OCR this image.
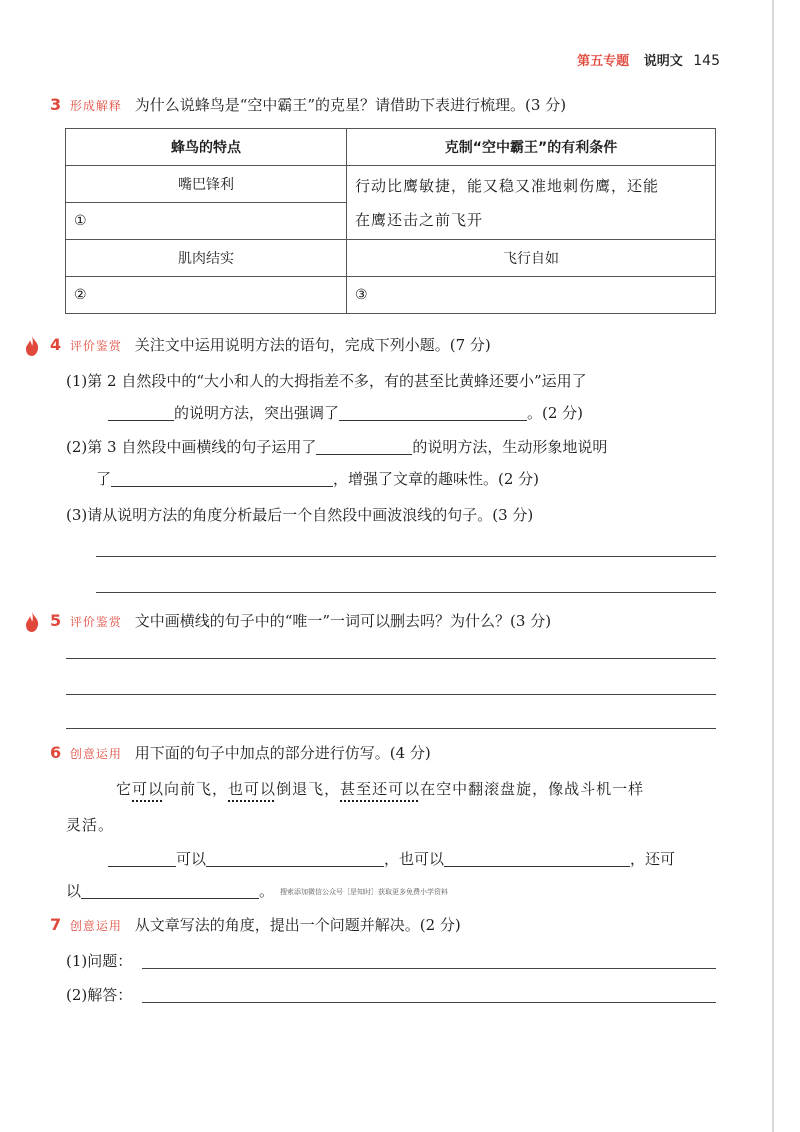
第五专题 说明文 145
3 形成解释 为什么说蜂鸟是“空中霸王”的克星？请借助下表进行梳理。(3 分)
蜂鸟的特点	克制“空中霸王”的有利条件
嘴巴锋利	行动比鹰敏捷，能又稳又准地刺伤鹰，还能
在鹰还击之前飞开

①	
肌肉结实	飞行自如
②	③
4 评价鉴赏 关注文中运用说明方法的语句，完成下列小题。(7 分)
(1)第 2 自然段中的“大小和人的大拇指差不多，有的甚至比黄蜂还要小”运用了
的说明方法，突出强调了	。(2 分)
(2)第 3 自然段中画横线的句子运用了	的说明方法，生动形象地说明
了	，增强了文章的趣味性。(2 分)
(3)请从说明方法的角度分析最后一个自然段中画波浪线的句子。(3 分)
5 评价鉴赏 文中画横线的句子中的“唯一”一词可以删去吗？为什么？(3 分)
6 创意运用 用下面的句子中加点的部分进行仿写。(4 分)
它可以向前飞，也可以倒退飞，甚至还可以在空中翻滚盘旋，像战斗机一样
灵活。
可以	，也可以	，还可
以	。 搜索添加微信公众号［是知时］获取更多免费小学资料
7 创意运用 从文章写法的角度，提出一个问题并解决。(2 分)
(1)问题：
(2)解答：
